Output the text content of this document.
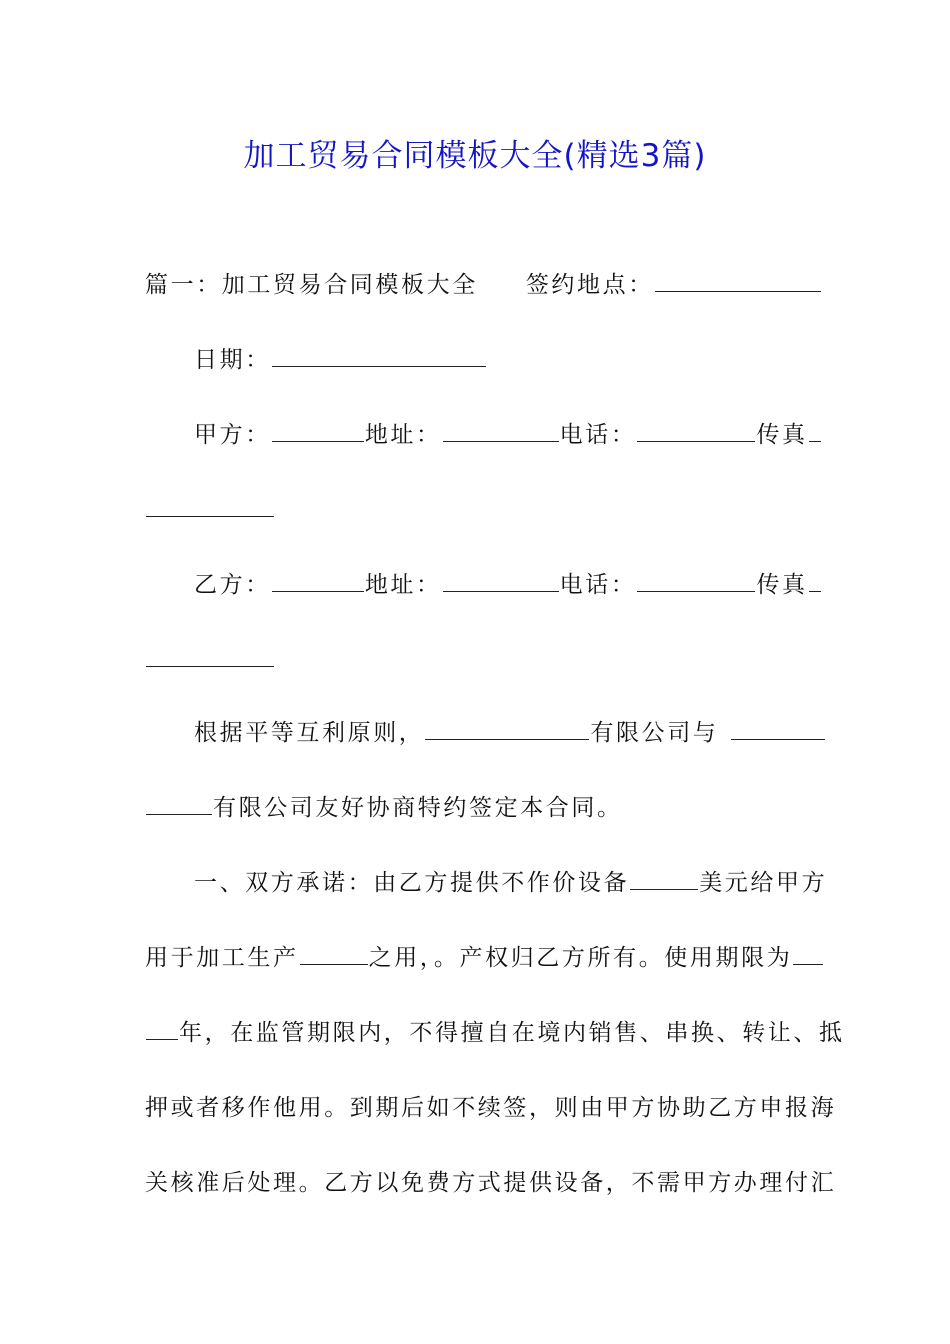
加工贸易合同模板大全(精选3篇)
篇一：加工贸易合同模板大全 签约地点：
日期：
甲方：	地址：	电话：	传真
乙方：	地址：	电话：	传真
根据平等互利原则，	有限公司与
有限公司友好协商特约签定本合同。
一、双方承诺：由乙方提供不作价设备	美元给甲方
用于加工生产	之用，。产权归乙方所有。使用期限为
年，在监管期限内，不得擅自在境内销售、串换、转让、抵
押或者移作他用。到期后如不续签，则由甲方协助乙方申报海
关核准后处理。乙方以免费方式提供设备，不需甲方办理付汇
